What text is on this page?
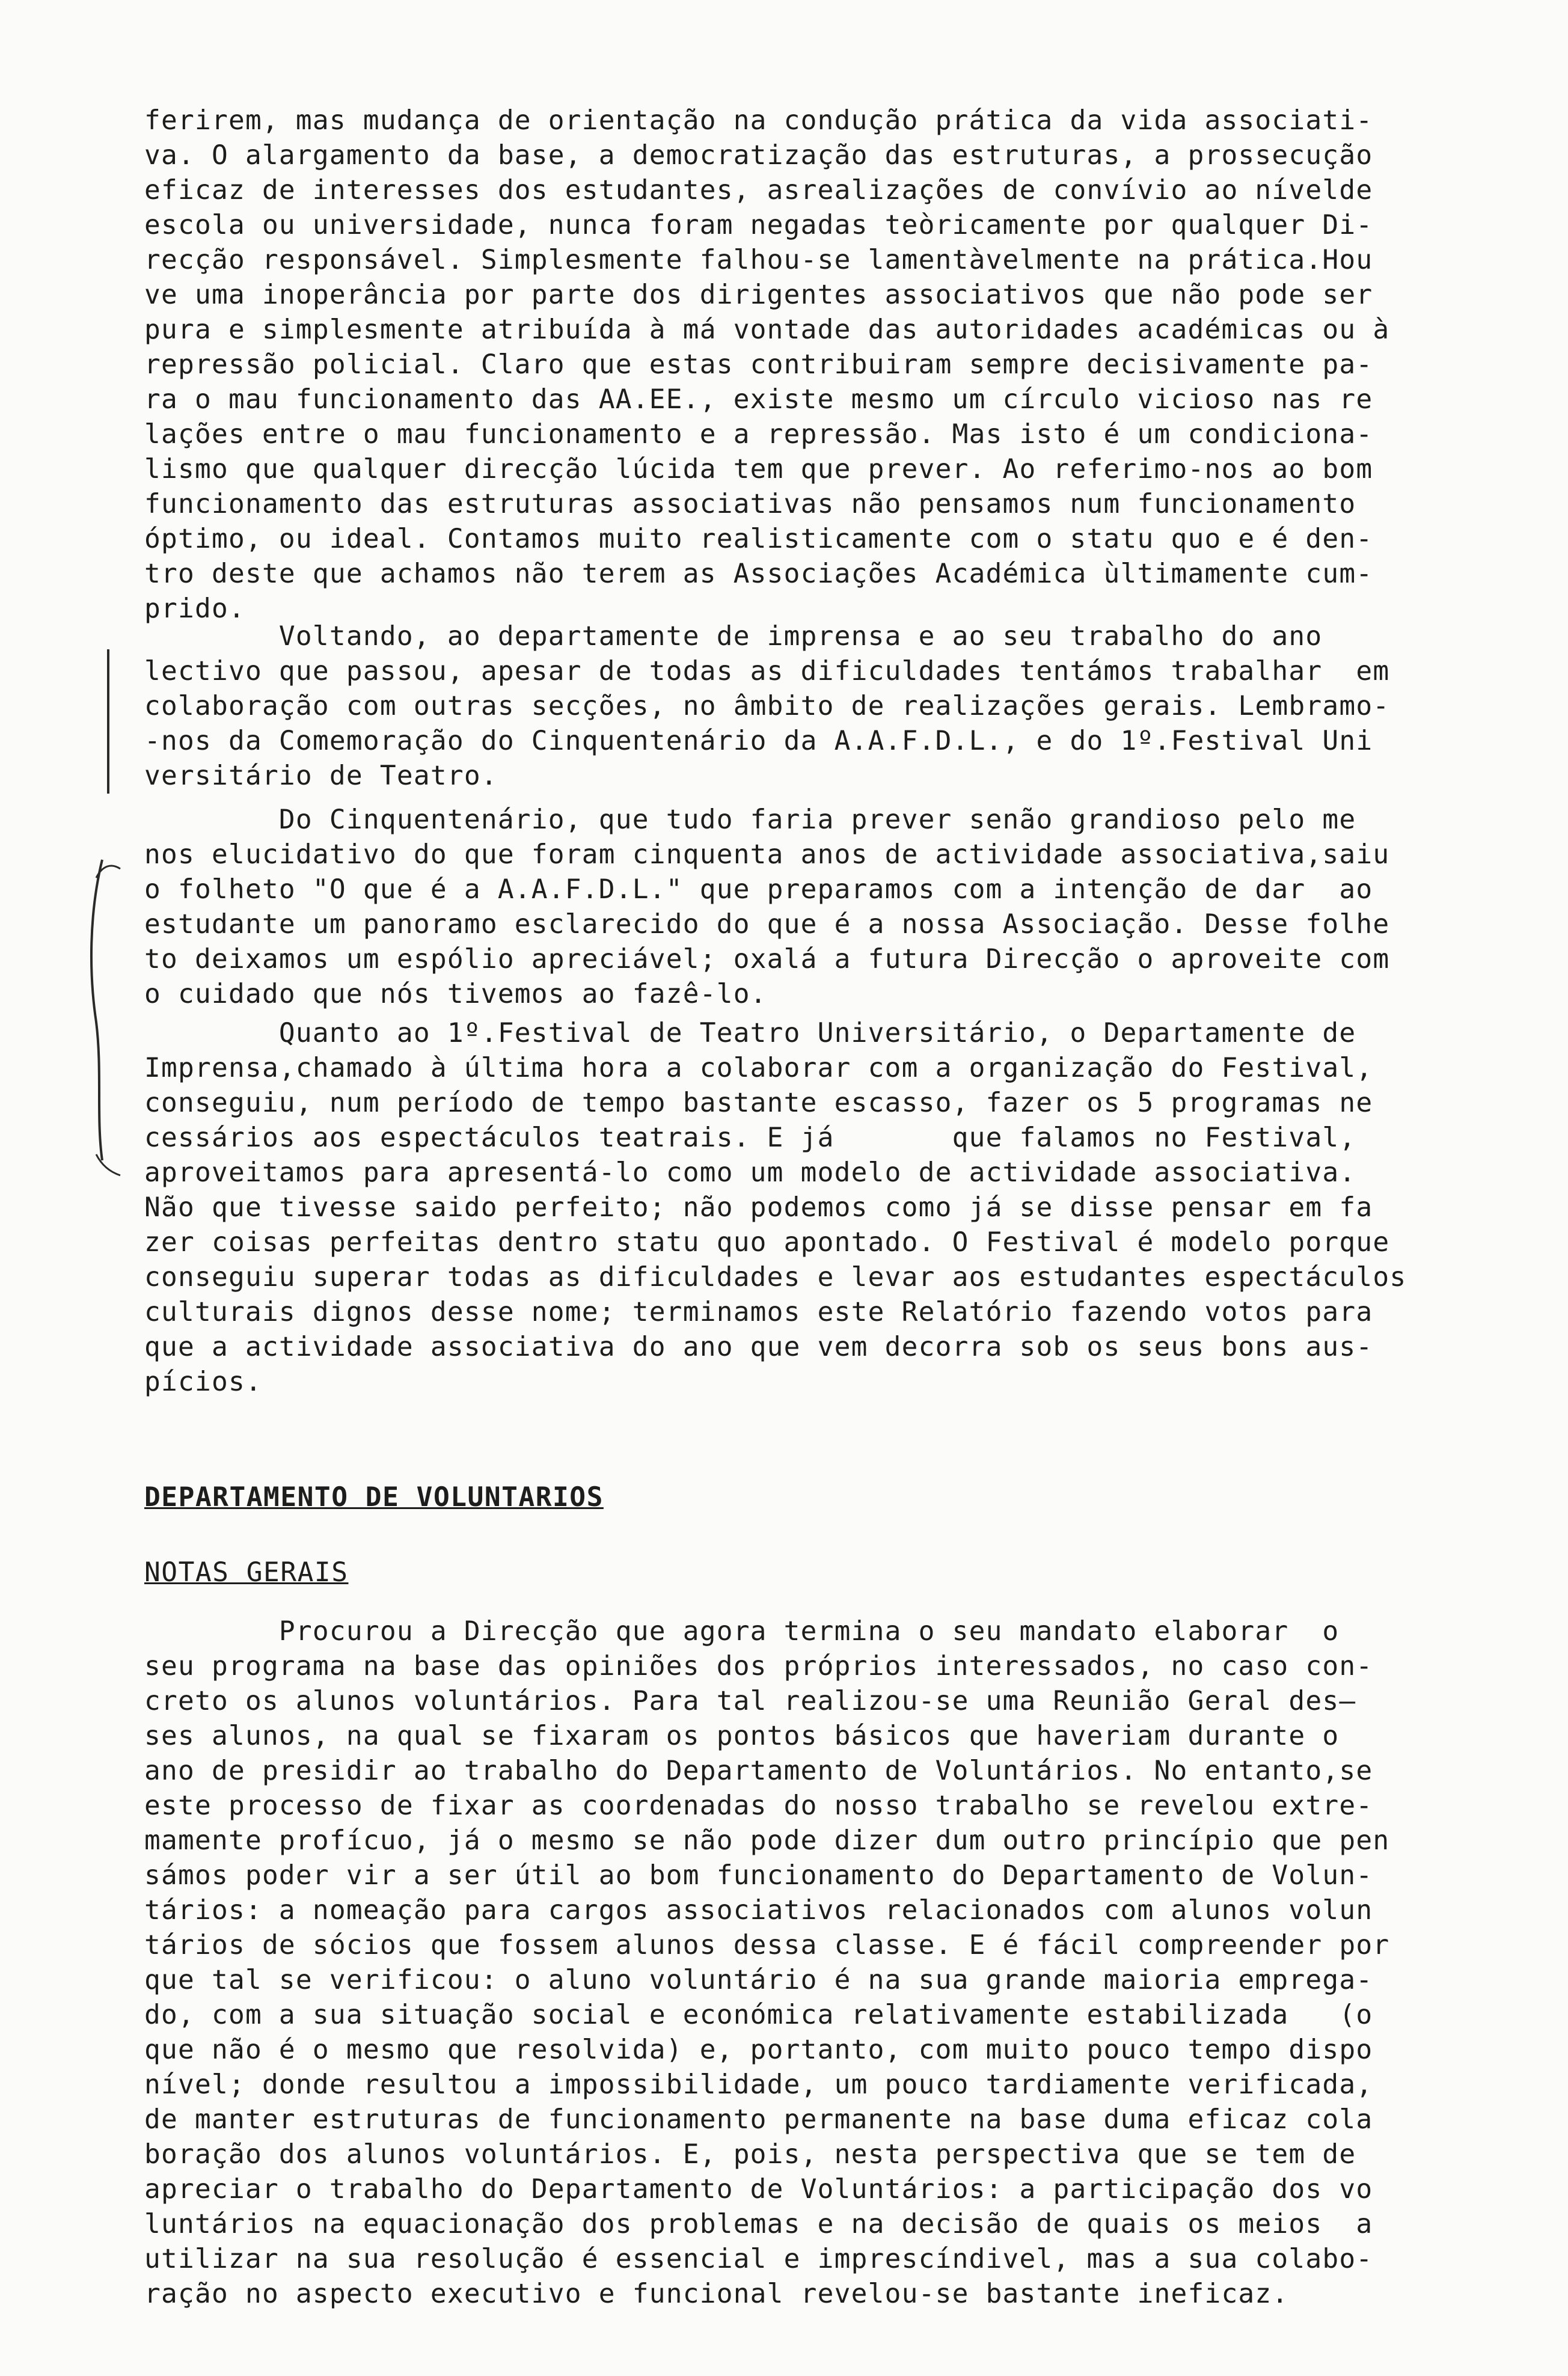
ferirem, mas mudança de orientação na condução prática da vida associati-
va. O alargamento da base, a democratização das estruturas, a prossecução
eficaz de interesses dos estudantes, asrealizações de convívio ao nívelde
escola ou universidade, nunca foram negadas teòricamente por qualquer Di-
recção responsável. Simplesmente falhou-se lamentàvelmente na prática.Hou
ve uma inoperância por parte dos dirigentes associativos que não pode ser
pura e simplesmente atribuída à má vontade das autoridades académicas ou à
repressão policial. Claro que estas contribuiram sempre decisivamente pa-
ra o mau funcionamento das AA.EE., existe mesmo um círculo vicioso nas re
lações entre o mau funcionamento e a repressão. Mas isto é um condiciona-
lismo que qualquer direcção lúcida tem que prever. Ao referimo-nos ao bom
funcionamento das estruturas associativas não pensamos num funcionamento
óptimo, ou ideal. Contamos muito realisticamente com o statu quo e é den-
tro deste que achamos não terem as Associações Académica ùltimamente cum-
prido.
Voltando, ao departamente de imprensa e ao seu trabalho do ano
lectivo que passou, apesar de todas as dificuldades tentámos trabalhar  em
colaboração com outras secções, no âmbito de realizações gerais. Lembramo-
-nos da Comemoração do Cinquentenário da A.A.F.D.L., e do 1º.Festival Uni
versitário de Teatro.
Do Cinquentenário, que tudo faria prever senão grandioso pelo me
nos elucidativo do que foram cinquenta anos de actividade associativa,saiu
o folheto "O que é a A.A.F.D.L." que preparamos com a intenção de dar  ao
estudante um panoramo esclarecido do que é a nossa Associação. Desse folhe
to deixamos um espólio apreciável; oxalá a futura Direcção o aproveite com
o cuidado que nós tivemos ao fazê-lo.
Quanto ao 1º.Festival de Teatro Universitário, o Departamente de
Imprensa,chamado à última hora a colaborar com a organização do Festival,
conseguiu, num período de tempo bastante escasso, fazer os 5 programas ne
cessários aos espectáculos teatrais. E já       que falamos no Festival,
aproveitamos para apresentá-lo como um modelo de actividade associativa.
Não que tivesse saido perfeito; não podemos como já se disse pensar em fa
zer coisas perfeitas dentro statu quo apontado. O Festival é modelo porque
conseguiu superar todas as dificuldades e levar aos estudantes espectáculos
culturais dignos desse nome; terminamos este Relatório fazendo votos para
que a actividade associativa do ano que vem decorra sob os seus bons aus-
pícios.
DEPARTAMENTO DE VOLUNTARIOS
NOTAS GERAIS
Procurou a Direcção que agora termina o seu mandato elaborar  o
seu programa na base das opiniões dos próprios interessados, no caso con-
creto os alunos voluntários. Para tal realizou-se uma Reunião Geral des—
ses alunos, na qual se fixaram os pontos básicos que haveriam durante o
ano de presidir ao trabalho do Departamento de Voluntários. No entanto,se
este processo de fixar as coordenadas do nosso trabalho se revelou extre-
mamente profícuo, já o mesmo se não pode dizer dum outro princípio que pen
sámos poder vir a ser útil ao bom funcionamento do Departamento de Volun-
tários: a nomeação para cargos associativos relacionados com alunos volun
tários de sócios que fossem alunos dessa classe. E é fácil compreender por
que tal se verificou: o aluno voluntário é na sua grande maioria emprega-
do, com a sua situação social e económica relativamente estabilizada   (o
que não é o mesmo que resolvida) e, portanto, com muito pouco tempo dispo
nível; donde resultou a impossibilidade, um pouco tardiamente verificada,
de manter estruturas de funcionamento permanente na base duma eficaz cola
boração dos alunos voluntários. E, pois, nesta perspectiva que se tem de
apreciar o trabalho do Departamento de Voluntários: a participação dos vo
luntários na equacionação dos problemas e na decisão de quais os meios  a
utilizar na sua resolução é essencial e imprescíndivel, mas a sua colabo-
ração no aspecto executivo e funcional revelou-se bastante ineficaz.
